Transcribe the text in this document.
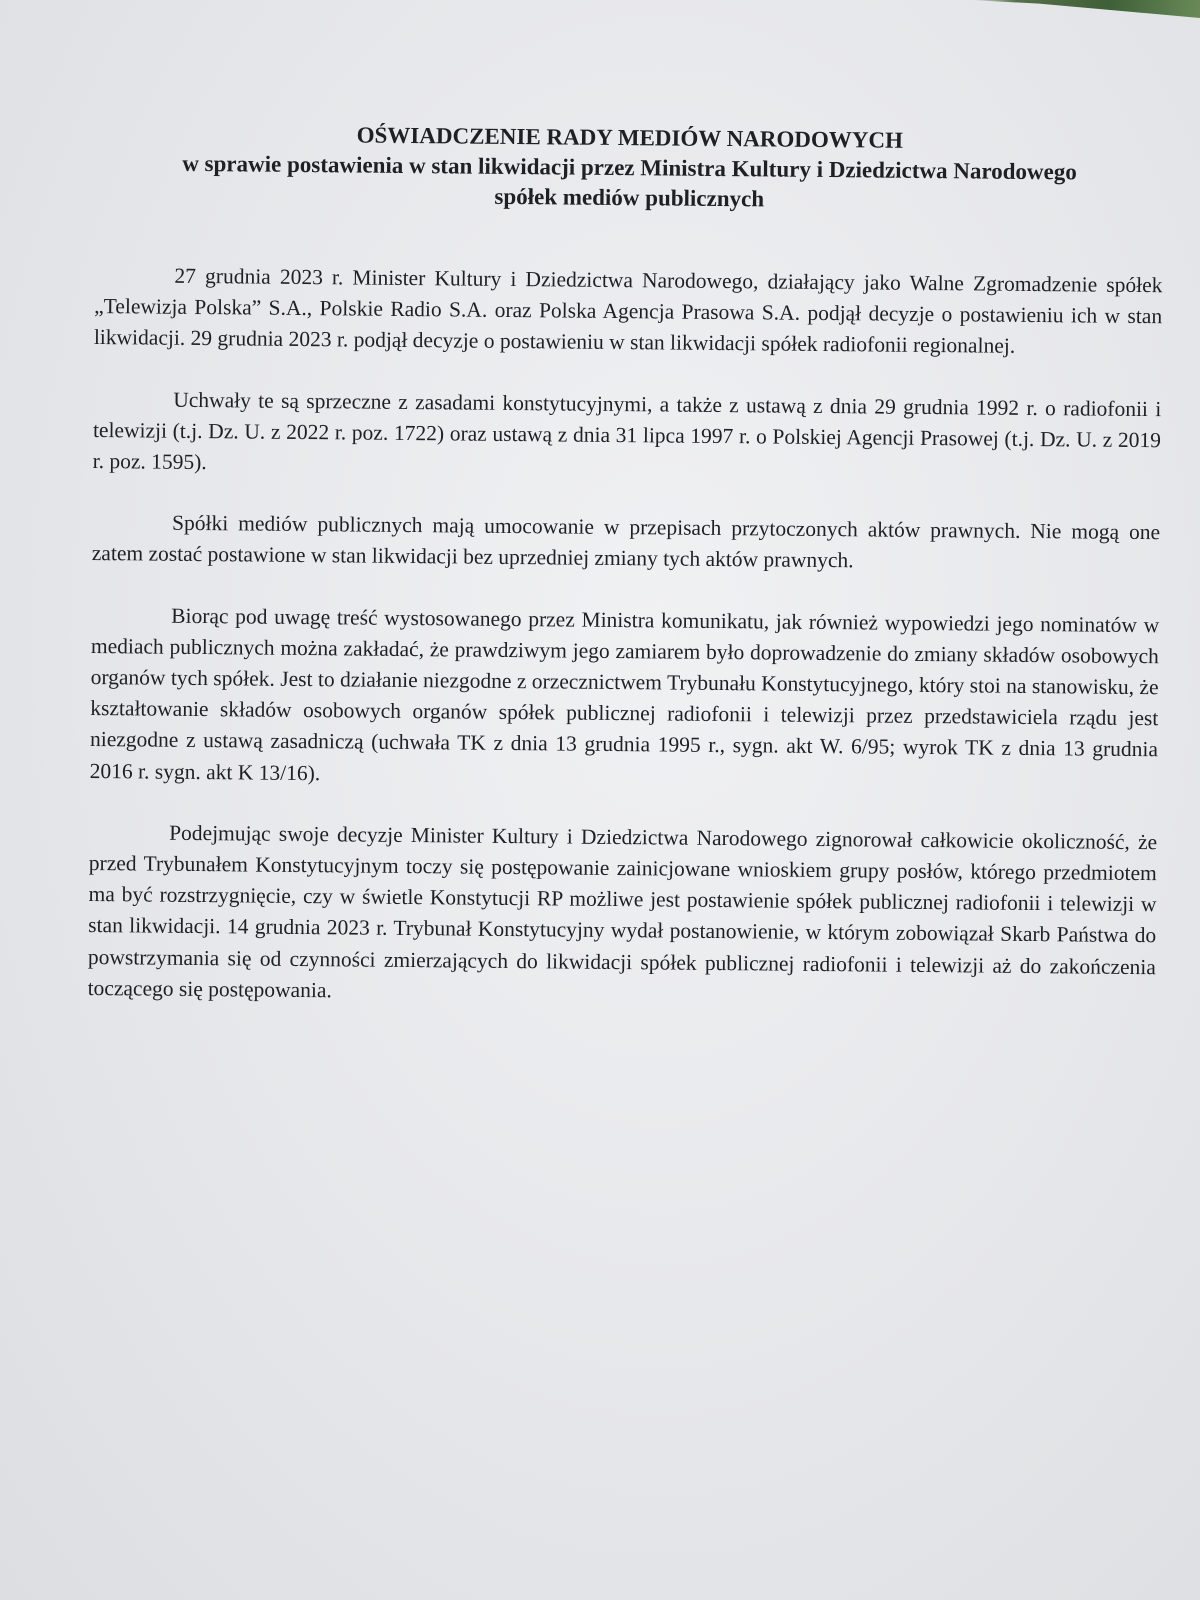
OŚWIADCZENIE RADY MEDIÓW NARODOWYCH

w sprawie postawienia w stan likwidacji przez Ministra Kultury i Dziedzictwa Narodowego

spółek mediów publicznych

27 grudnia 2023 r. Minister Kultury i Dziedzictwa Narodowego, działający jako Walne Zgromadzenie spółek „Telewizja Polska” S.A., Polskie Radio S.A. oraz Polska Agencja Prasowa S.A. podjął decyzje o postawieniu ich w stan likwidacji. 29 grudnia 2023 r. podjął decyzje o postawieniu w stan likwidacji spółek radiofonii regionalnej.

Uchwały te są sprzeczne z zasadami konstytucyjnymi, a także z ustawą z dnia 29 grudnia 1992 r. o radiofonii i telewizji (t.j. Dz. U. z 2022 r. poz. 1722) oraz ustawą z dnia 31 lipca 1997 r. o Polskiej Agencji Prasowej (t.j. Dz. U. z 2019 r. poz. 1595).

Spółki mediów publicznych mają umocowanie w przepisach przytoczonych aktów prawnych. Nie mogą one zatem zostać postawione w stan likwidacji bez uprzedniej zmiany tych aktów prawnych.

Biorąc pod uwagę treść wystosowanego przez Ministra komunikatu, jak również wypowiedzi jego nominatów w mediach publicznych można zakładać, że prawdziwym jego zamiarem było doprowadzenie do zmiany składów osobowych organów tych spółek. Jest to działanie niezgodne z orzecznictwem Trybunału Konstytucyjnego, który stoi na stanowisku, że kształtowanie składów osobowych organów spółek publicznej radiofonii i telewizji przez przedstawiciela rządu jest niezgodne z ustawą zasadniczą (uchwała TK z dnia 13 grudnia 1995 r., sygn. akt W. 6/95; wyrok TK z dnia 13 grudnia 2016 r. sygn. akt K 13/16).

Podejmując swoje decyzje Minister Kultury i Dziedzictwa Narodowego zignorował całkowicie okoliczność, że przed Trybunałem Konstytucyjnym toczy się postępowanie zainicjowane wnioskiem grupy posłów, którego przedmiotem ma być rozstrzygnięcie, czy w świetle Konstytucji RP możliwe jest postawienie spółek publicznej radiofonii i telewizji w stan likwidacji. 14 grudnia 2023 r. Trybunał Konstytucyjny wydał postanowienie, w którym zobowiązał Skarb Państwa do powstrzymania się od czynności zmierzających do likwidacji spółek publicznej radiofonii i telewizji aż do zakończenia toczącego się postępowania.
